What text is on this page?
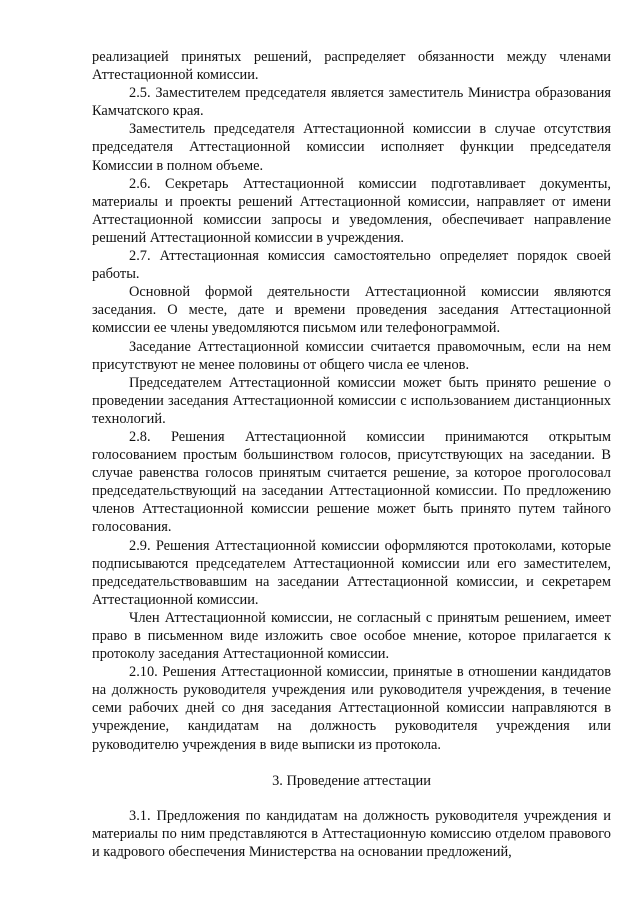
реализацией принятых решений, распределяет обязанности между членами Аттестационной комиссии.

2.5. Заместителем председателя является заместитель Министра образования Камчатского края.

Заместитель председателя Аттестационной комиссии в случае отсутствия председателя Аттестационной комиссии исполняет функции председателя Комиссии в полном объеме.

2.6. Секретарь Аттестационной комиссии подготавливает документы, материалы и проекты решений Аттестационной комиссии, направляет от имени Аттестационной комиссии запросы и уведомления, обеспечивает направление решений Аттестационной комиссии в учреждения.

2.7. Аттестационная комиссия самостоятельно определяет порядок своей работы.

Основной формой деятельности Аттестационной комиссии являются заседания. О месте, дате и времени проведения заседания Аттестационной комиссии ее члены уведомляются письмом или телефонограммой.

Заседание Аттестационной комиссии считается правомочным, если на нем присутствуют не менее половины от общего числа ее членов.

Председателем Аттестационной комиссии может быть принято решение о проведении заседания Аттестационной комиссии с использованием дистанционных технологий.

2.8. Решения Аттестационной комиссии принимаются открытым голосованием простым большинством голосов, присутствующих на заседании. В случае равенства голосов принятым считается решение, за которое проголосовал председательствующий на заседании Аттестационной комиссии. По предложению членов Аттестационной комиссии решение может быть принято путем тайного голосования.

2.9. Решения Аттестационной комиссии оформляются протоколами, которые подписываются председателем Аттестационной комиссии или его заместителем, председательствовавшим на заседании Аттестационной комиссии, и секретарем Аттестационной комиссии.

Член Аттестационной комиссии, не согласный с принятым решением, имеет право в письменном виде изложить свое особое мнение, которое прилагается к протоколу заседания Аттестационной комиссии.

2.10. Решения Аттестационной комиссии, принятые в отношении кандидатов на должность руководителя учреждения или руководителя учреждения, в течение семи рабочих дней со дня заседания Аттестационной комиссии направляются в учреждение, кандидатам на должность руководителя учреждения или руководителю учреждения в виде выписки из протокола.

3. Проведение аттестации

3.1. Предложения по кандидатам на должность руководителя учреждения и материалы по ним представляются в Аттестационную комиссию отделом правового и кадрового обеспечения Министерства на основании предложений,
